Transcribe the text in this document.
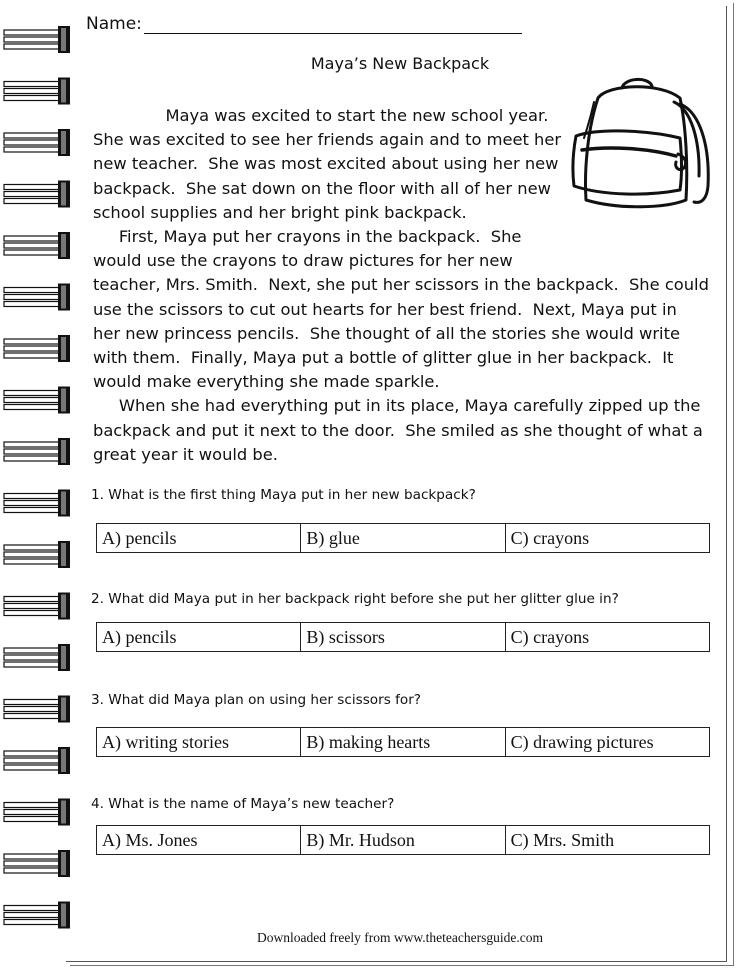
Name:
Maya’s New Backpack
Maya was excited to start the new school year.
She was excited to see her friends again and to meet her
new teacher.  She was most excited about using her new
backpack.  She sat down on the floor with all of her new
school supplies and her bright pink backpack.
First, Maya put her crayons in the backpack.  She
would use the crayons to draw pictures for her new
teacher, Mrs. Smith.  Next, she put her scissors in the backpack.  She could
use the scissors to cut out hearts for her best friend.  Next, Maya put in
her new princess pencils.  She thought of all the stories she would write
with them.  Finally, Maya put a bottle of glitter glue in her backpack.  It
would make everything she made sparkle.
When she had everything put in its place, Maya carefully zipped up the
backpack and put it next to the door.  She smiled as she thought of what a
great year it would be.
1. What is the first thing Maya put in her new backpack?
A) pencils	B) glue	C) crayons
2. What did Maya put in her backpack right before she put her glitter glue in?
A) pencils	B) scissors	C) crayons
3. What did Maya plan on using her scissors for?
A) writing stories	B) making hearts	C) drawing pictures
4. What is the name of Maya’s new teacher?
A) Ms. Jones	B) Mr. Hudson	C) Mrs. Smith
Downloaded freely from www.theteachersguide.com
